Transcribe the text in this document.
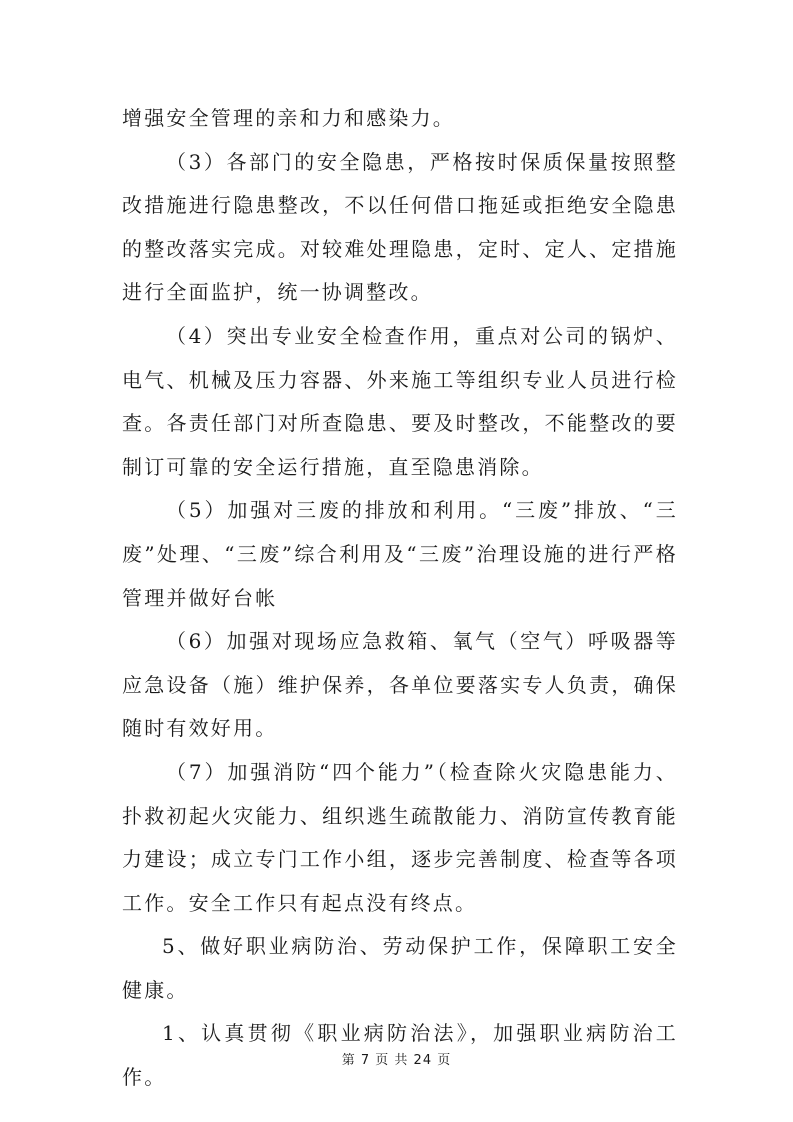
增强安全管理的亲和力和感染力。

（3）各部门的安全隐患，严格按时保质保量按照整改措施进行隐患整改，不以任何借口拖延或拒绝安全隐患的整改落实完成。对较难处理隐患，定时、定人、定措施进行全面监护，统一协调整改。

（4）突出专业安全检查作用，重点对公司的锅炉、电气、机械及压力容器、外来施工等组织专业人员进行检查。各责任部门对所查隐患、要及时整改，不能整改的要制订可靠的安全运行措施，直至隐患消除。

（5）加强对三废的排放和利用。“三废”排放、“三废”处理、“三废”综合利用及“三废”治理设施的进行严格管理并做好台帐

（6）加强对现场应急救箱、氧气（空气）呼吸器等应急设备（施）维护保养，各单位要落实专人负责，确保随时有效好用。

（7）加强消防“四个能力”（检查除火灾隐患能力、扑救初起火灾能力、组织逃生疏散能力、消防宣传教育能力建设；成立专门工作小组，逐步完善制度、检查等各项工作。安全工作只有起点没有终点。

5、做好职业病防治、劳动保护工作，保障职工安全健康。

1、认真贯彻《职业病防治法》，加强职业病防治工作。

第 7 页 共 24 页
